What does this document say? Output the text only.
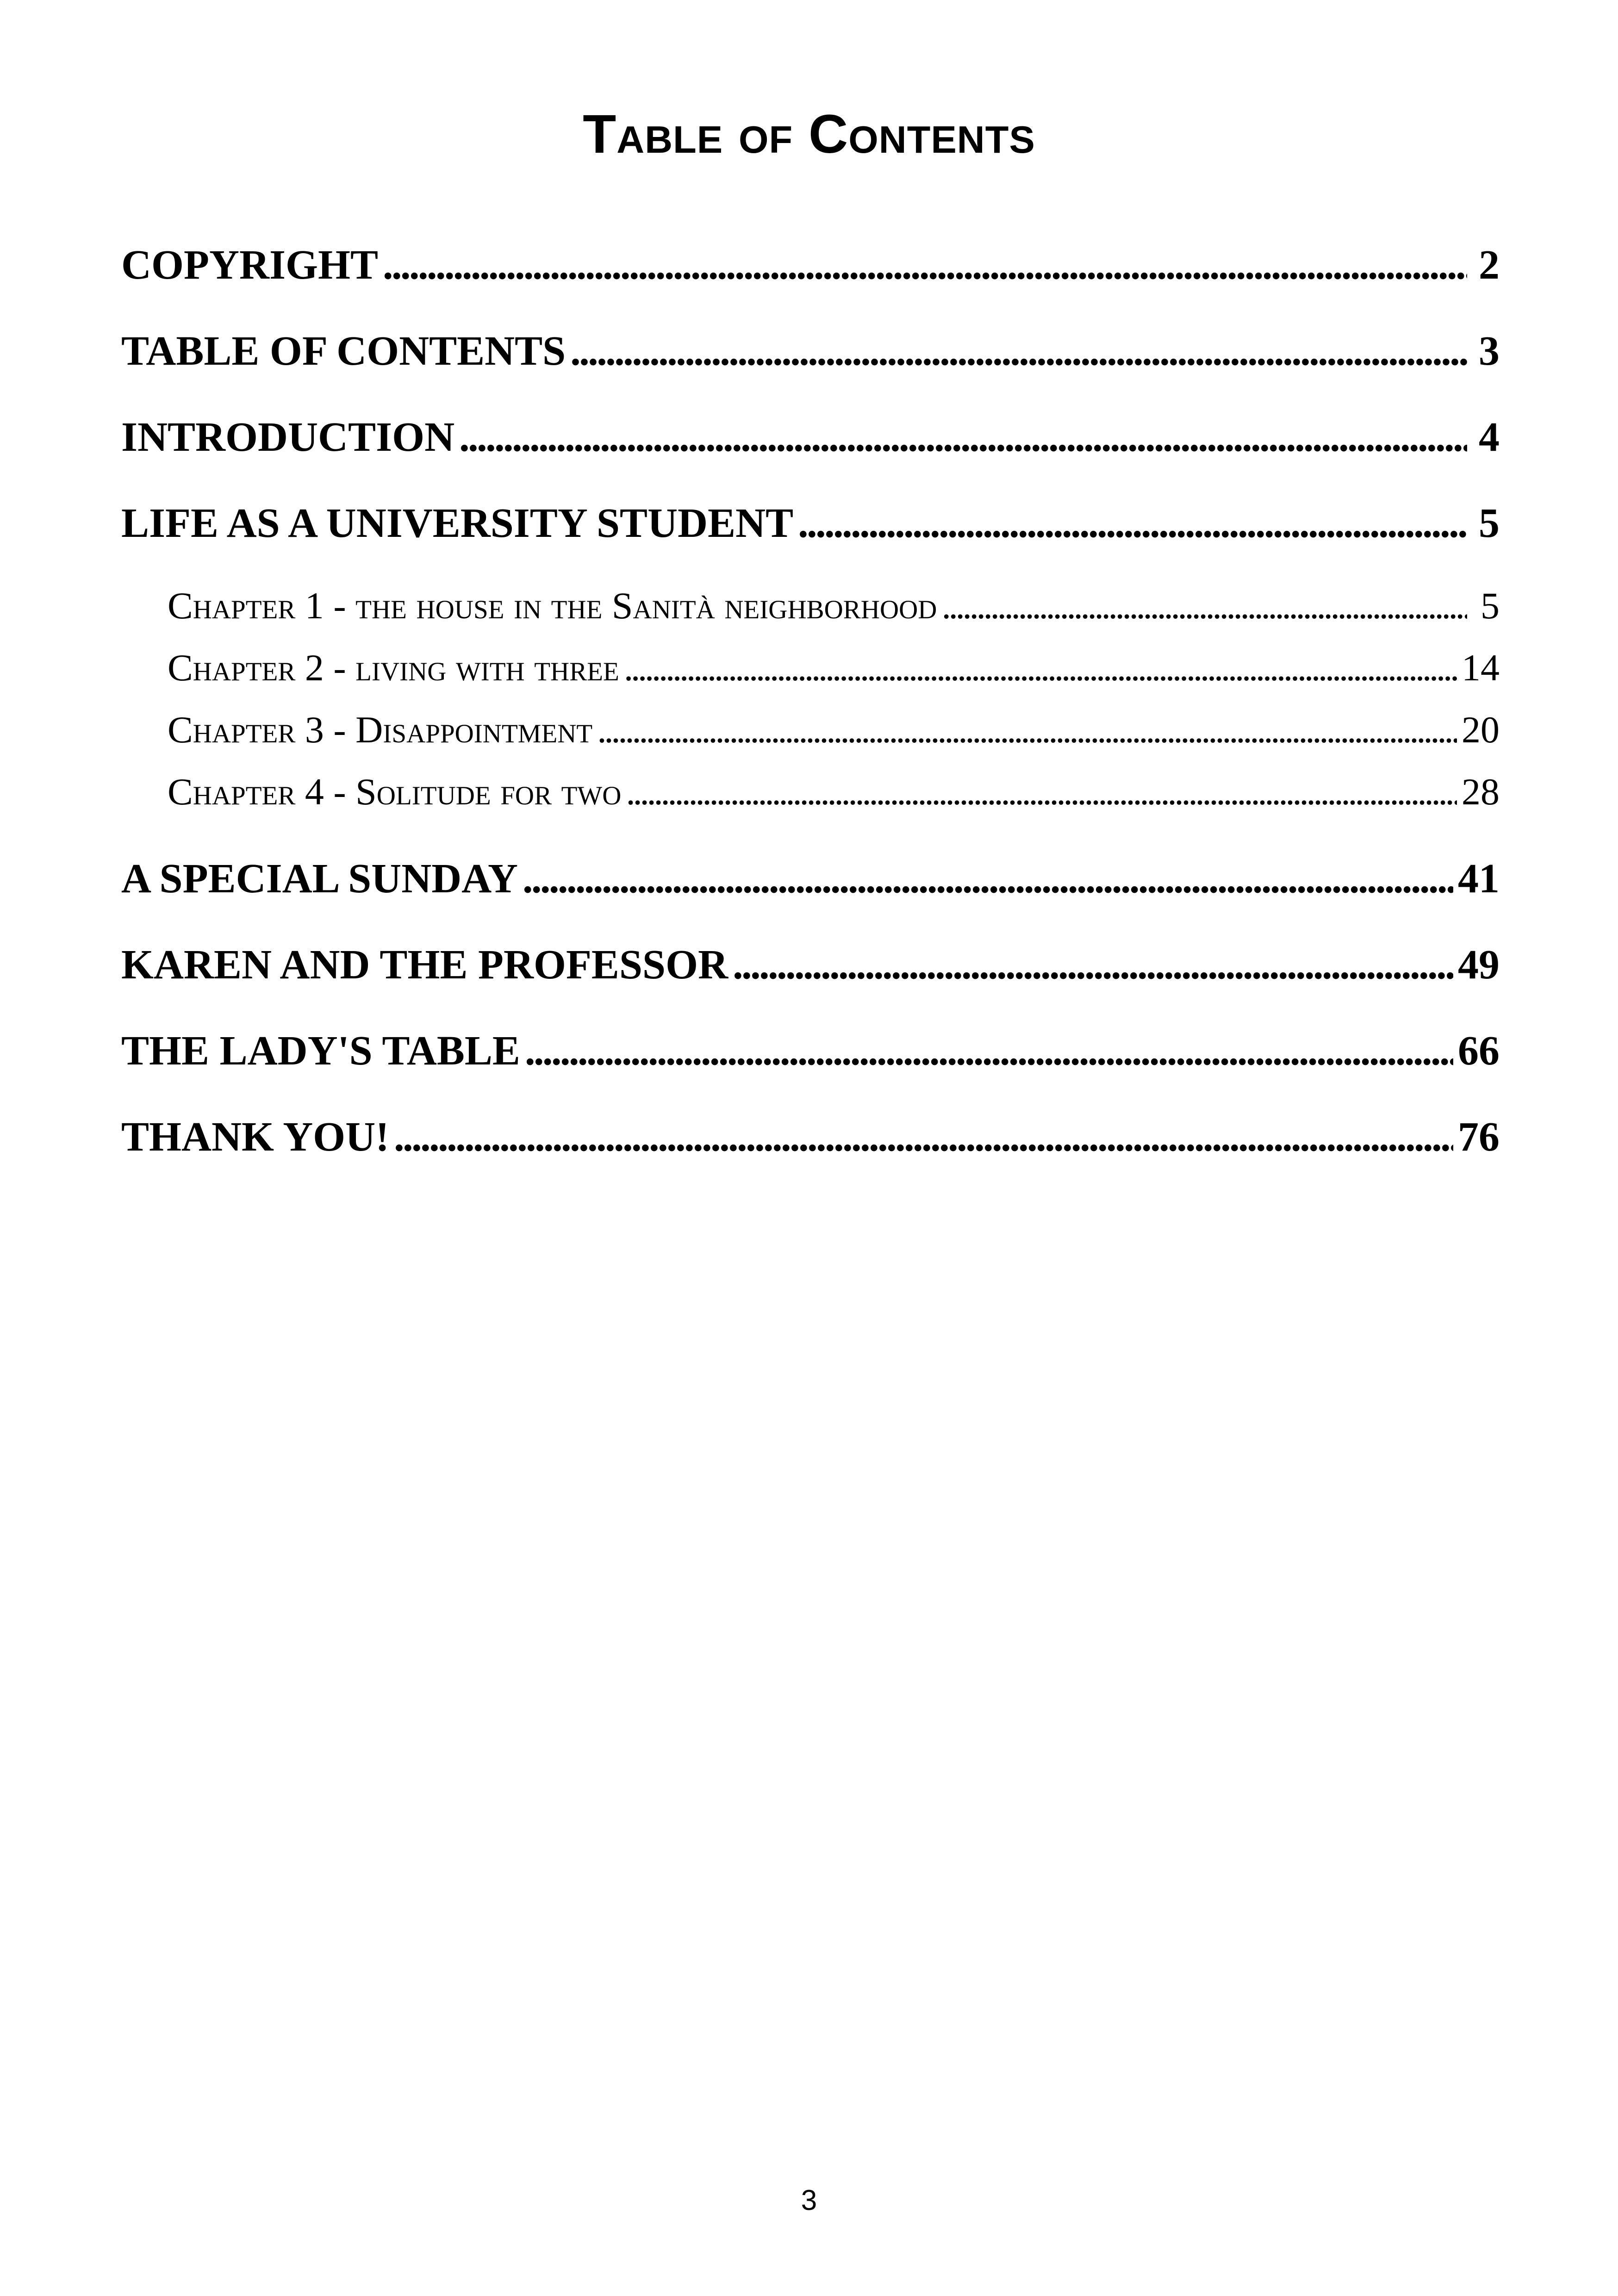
Table of Contents
COPYRIGHT . . .	2
TABLE OF CONTENTS . . .	3
INTRODUCTION . . .	4
LIFE AS A UNIVERSITY STUDENT . . .	5
Chapter 1 - the house in the Sanità neighborhood . . .	5
Chapter 2 - living with three . . .	14
Chapter 3 - Disappointment . . .	20
Chapter 4 - Solitude for two . . .	28
A SPECIAL SUNDAY . . .	41
KAREN AND THE PROFESSOR . . .	49
THE LADY'S TABLE . . .	66
THANK YOU! . . .	76
3
